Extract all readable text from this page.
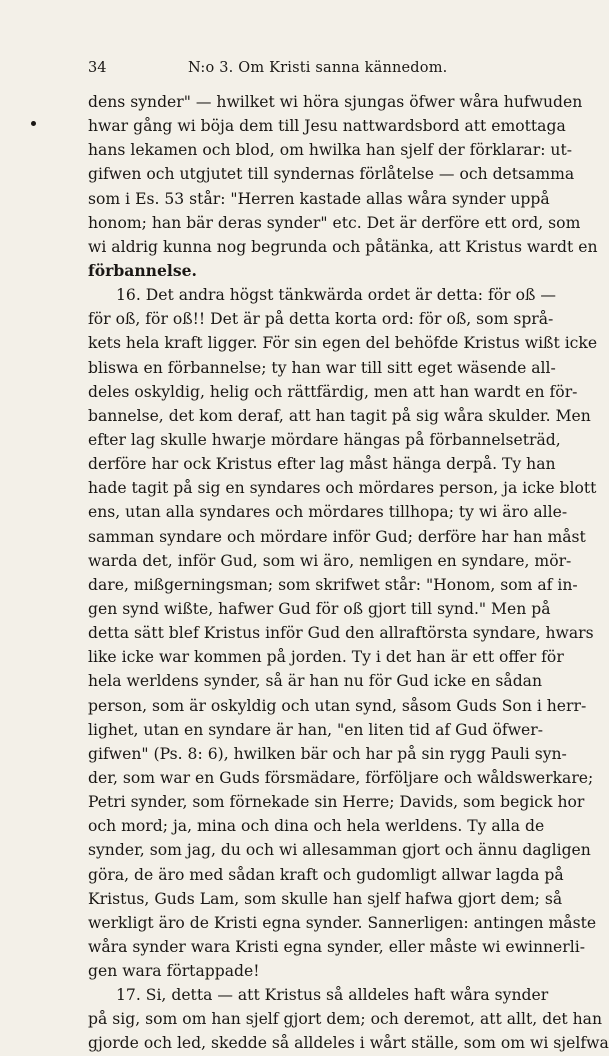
34	N:o 3. Om Kristi sanna kännedom.
dens synder" — hwilket wi höra sjungas öfwer wåra hufwuden
hwar gång wi böja dem till Jesu nattwardsbord att emottaga
hans lekamen och blod, om hwilka han sjelf der förklarar: ut-
gifwen och utgjutet till syndernas förlåtelse — och detsamma
som i Es. 53 står: "Herren kastade allas wåra synder uppå
honom; han bär deras synder" etc. Det är derföre ett ord, som
wi aldrig kunna nog begrunda och påtänka, att Kristus wardt en
förbannelse.
16. Det andra högst tänkwärda ordet är detta: för oß —
för oß, för oß!! Det är på detta korta ord: för oß, som språ-
kets hela kraft ligger. För sin egen del behöfde Kristus wißt icke
bliswa en förbannelse; ty han war till sitt eget wäsende all-
deles oskyldig, helig och rättfärdig, men att han wardt en för-
bannelse, det kom deraf, att han tagit på sig wåra skulder. Men
efter lag skulle hwarje mördare hängas på förbannelseträd,
derföre har ock Kristus efter lag måst hänga derpå. Ty han
hade tagit på sig en syndares och mördares person, ja icke blott
ens, utan alla syndares och mördares tillhopa; ty wi äro alle-
samman syndare och mördare inför Gud; derföre har han måst
warda det, inför Gud, som wi äro, nemligen en syndare, mör-
dare, mißgerningsman; som skrifwet står: "Honom, som af in-
gen synd wißte, hafwer Gud för oß gjort till synd." Men på
detta sätt blef Kristus inför Gud den allraftörsta syndare, hwars
like icke war kommen på jorden. Ty i det han är ett offer för
hela werldens synder, så är han nu för Gud icke en sådan
person, som är oskyldig och utan synd, såsom Guds Son i herr-
lighet, utan en syndare är han, "en liten tid af Gud öfwer-
gifwen" (Ps. 8: 6), hwilken bär och har på sin rygg Pauli syn-
der, som war en Guds försmädare, förföljare och wåldswerkare;
Petri synder, som förnekade sin Herre; Davids, som begick hor
och mord; ja, mina och dina och hela werldens. Ty alla de
synder, som jag, du och wi allesamman gjort och ännu dagligen
göra, de äro med sådan kraft och gudomligt allwar lagda på
Kristus, Guds Lam, som skulle han sjelf hafwa gjort dem; så
werkligt äro de Kristi egna synder. Sannerligen: antingen måste
wåra synder wara Kristi egna synder, eller måste wi ewinnerli-
gen wara förtappade!
17. Si, detta — att Kristus så alldeles haft wåra synder
på sig, som om han sjelf gjort dem; och deremot, att allt, det han
gjorde och led, skedde så alldeles i wårt ställe, som om wi sjelfwa
